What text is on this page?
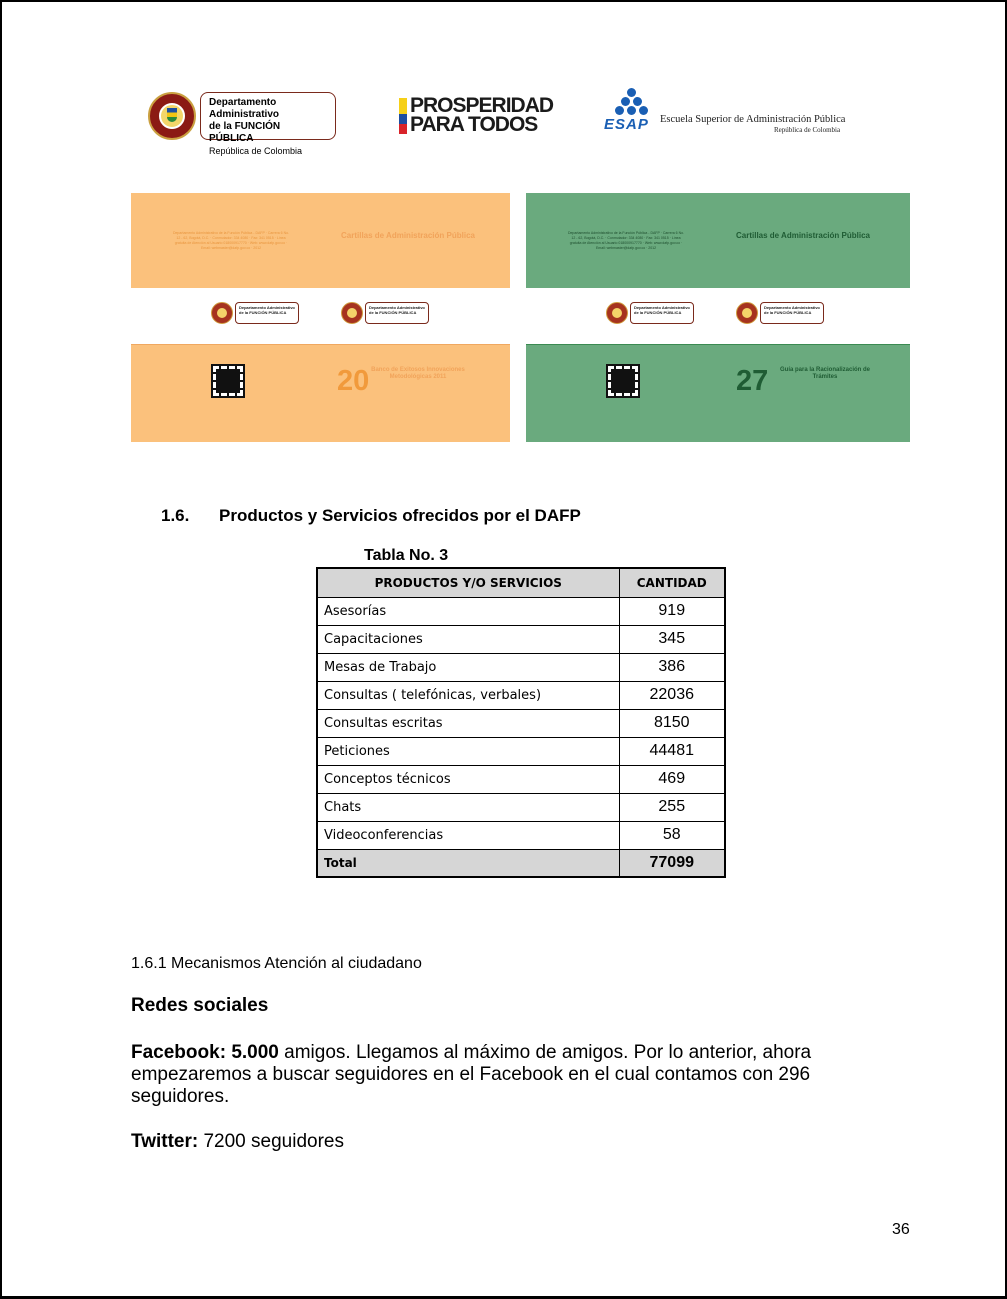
Departamento Administrativo
de la FUNCIÓN PÚBLICA
República de Colombia
PROSPERIDAD
PARA TODOS	ESAP Escuela Superior de Administración Pública
República de Colombia
Departamento Administrativo de la Función Pública - DAFP · Carrera 6 No. 12 - 62, Bogotá, D.C. · Conmutador: 334 4080 · Fax: 341 0515 · Línea gratuita de Atención al Usuario 018000917770 · Web: www.dafp.gov.co · Email: webmaster@dafp.gov.co · 2012
Cartillas de Administración Pública
Departamento Administrativo de la FUNCIÓN PÚBLICA
Departamento Administrativo de la FUNCIÓN PÚBLICA
20 Banco de Exitosos Innovaciones Metodológicas 2011
Departamento Administrativo de la Función Pública - DAFP · Carrera 6 No. 12 - 62, Bogotá, D.C. · Conmutador: 334 4080 · Fax: 341 0515 · Línea gratuita de Atención al Usuario 018000917770 · Web: www.dafp.gov.co · Email: webmaster@dafp.gov.co · 2012
Cartillas de Administración Pública
Departamento Administrativo de la FUNCIÓN PÚBLICA
Departamento Administrativo de la FUNCIÓN PÚBLICA
27	Guía para la Racionalización de Trámites
1.6. Productos y Servicios ofrecidos por el DAFP
Tabla No. 3
PRODUCTOS Y/O SERVICIOS	CANTIDAD
Asesorías	919
Capacitaciones	345
Mesas de Trabajo	386
Consultas ( telefónicas, verbales)	22036
Consultas escritas	8150
Peticiones	44481
Conceptos técnicos	469
Chats	255
Videoconferencias	58
Total	77099
1.6.1 Mecanismos Atención al ciudadano
Redes sociales
Facebook: 5.000 amigos. Llegamos al máximo de amigos. Por lo anterior, ahora empezaremos a buscar seguidores en el Facebook en el cual contamos con 296 seguidores.
Twitter: 7200 seguidores
36
